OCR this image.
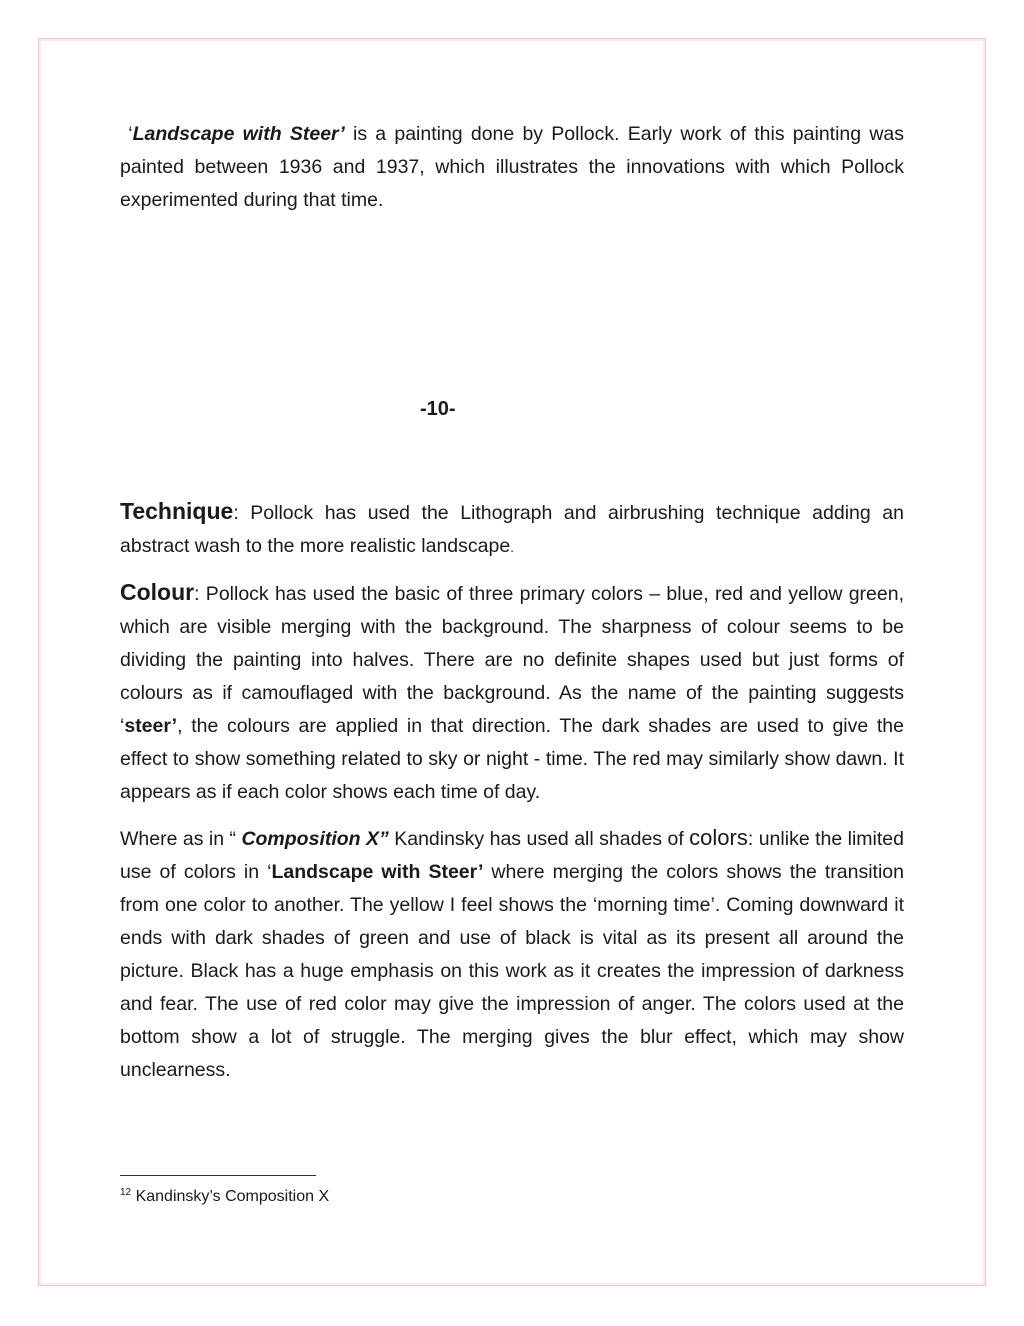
‘Landscape with Steer’ is a painting done by Pollock. Early work of this painting was painted between 1936 and 1937, which illustrates the innovations with which Pollock experimented during that time.

-10-

Technique: Pollock has used the Lithograph and airbrushing technique adding an abstract wash to the more realistic landscape.

Colour: Pollock has used the basic of three primary colors – blue, red and yellow green, which are visible merging with the background. The sharpness of colour seems to be dividing the painting into halves. There are no definite shapes used but just forms of colours as if camouflaged with the background. As the name of the painting suggests ‘steer’, the colours are applied in that direction. The dark shades are used to give the effect to show something related to sky or night - time. The red may similarly show dawn. It appears as if each color shows each time of day.

Where as in “ Composition X” Kandinsky has used all shades of colors: unlike the limited use of colors in ‘Landscape with Steer’ where merging the colors shows the transition from one color to another. The yellow I feel shows the ‘morning time’. Coming downward it ends with dark shades of green and use of black is vital as its present all around the picture. Black has a huge emphasis on this work as it creates the impression of darkness and fear. The use of red color may give the impression of anger. The colors used at the bottom show a lot of struggle. The merging gives the blur effect, which may show unclearness.

$^{12}$ Kandinsky’s Composition X
